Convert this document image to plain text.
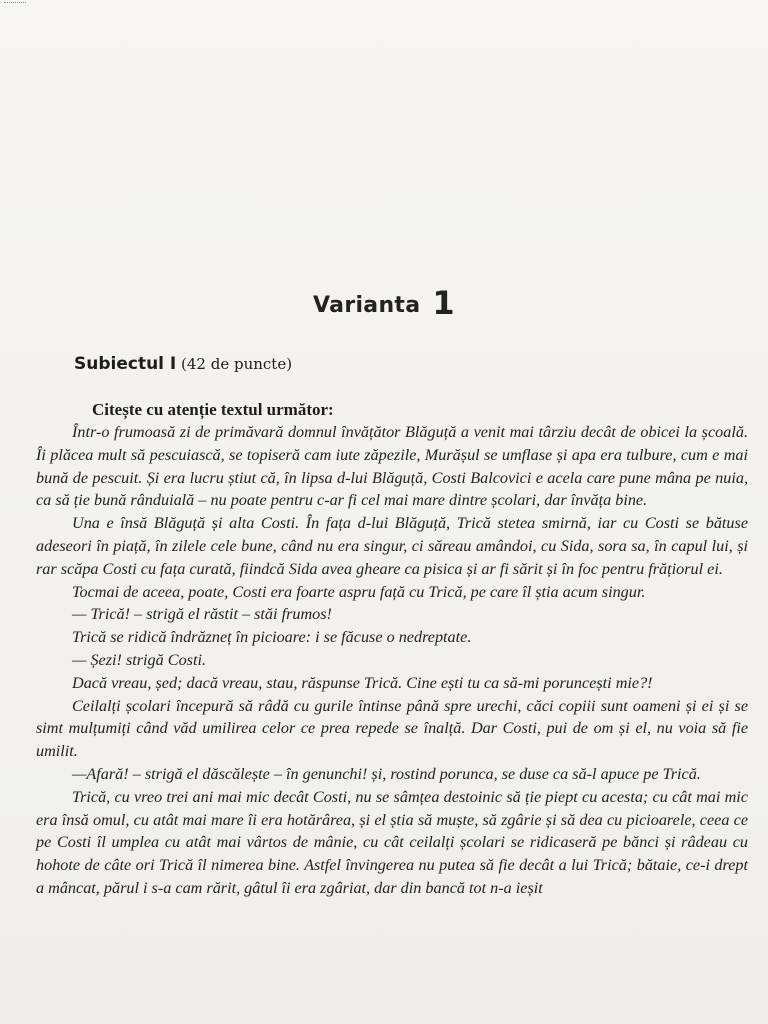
Varianta 1
Subiectul I (42 de puncte)
Citește cu atenție textul următor:

Într-o frumoasă zi de primăvară domnul învățător Blăguță a venit mai târziu decât de obicei la școală. Îi plăcea mult să pescuiască, se topiseră cam iute zăpezile, Murășul se umflase și apa era tulbure, cum e mai bună de pescuit. Și era lucru știut că, în lipsa d-lui Blăguță, Costi Balcovici e acela care pune mâna pe nuia, ca să ție bună rânduială – nu poate pentru c-ar fi cel mai mare dintre școlari, dar învăța bine.

Una e însă Blăguță și alta Costi. În fața d-lui Blăguță, Trică stetea smirnă, iar cu Costi se bătuse adeseori în piață, în zilele cele bune, când nu era singur, ci săreau amândoi, cu Sida, sora sa, în capul lui, și rar scăpa Costi cu fața curată, fiindcă Sida avea gheare ca pisica și ar fi sărit și în foc pentru frățiorul ei.

Tocmai de aceea, poate, Costi era foarte aspru față cu Trică, pe care îl știa acum singur.

— Trică! – strigă el răstit – stăi frumos!

Trică se ridică îndrăzneț în picioare: i se făcuse o nedreptate.

— Șezi! strigă Costi.

Dacă vreau, șed; dacă vreau, stau, răspunse Trică. Cine ești tu ca să-mi poruncești mie?!

Ceilalți școlari începură să râdă cu gurile întinse până spre urechi, căci copiii sunt oameni și ei și se simt mulțumiți când văd umilirea celor ce prea repede se înalță. Dar Costi, pui de om și el, nu voia să fie umilit.

—Afară! – strigă el dăscălește – în genunchi! și, rostind porunca, se duse ca să-l apuce pe Trică.

Trică, cu vreo trei ani mai mic decât Costi, nu se sâmțea destoinic să ție piept cu acesta; cu cât mai mic era însă omul, cu atât mai mare îi era hotărârea, și el știa să muște, să zgârie și să dea cu picioarele, ceea ce pe Costi îl umplea cu atât mai vârtos de mânie, cu cât ceilalți școlari se ridicaseră pe bănci și râdeau cu hohote de câte ori Trică îl nimerea bine. Astfel învingerea nu putea să fie decât a lui Trică; bătaie, ce-i drept a mâncat, părul i s-a cam rărit, gâtul îi era zgâriat, dar din bancă tot n-a ieșit
